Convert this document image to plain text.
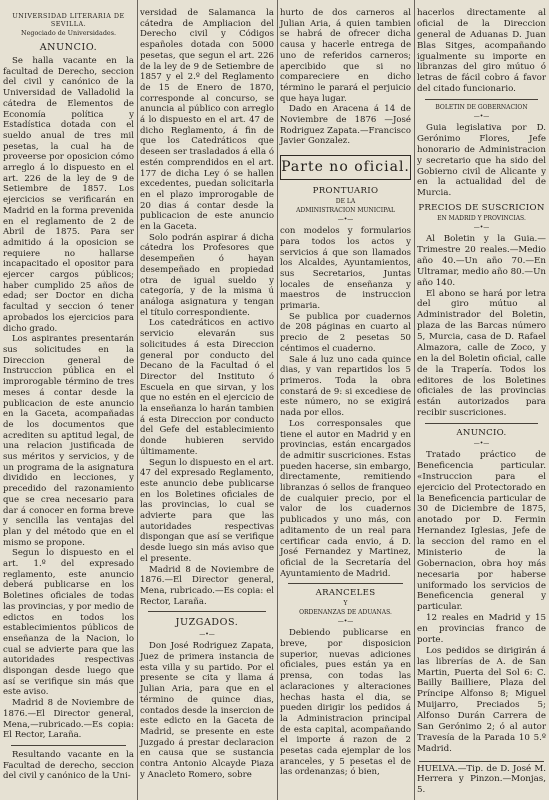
UNIVERSIDAD LITERARIA DE SEVILLA.
Negociado de Universidades.
ANUNCIO.

Se halla vacante en la facultad de Derecho, seccion del civil y canónico de la Universidad de Valladolid la cátedra de Elementos de Economía política y Estadística dotada con el sueldo anual de tres mil pesetas, la cual ha de proveerse por oposicion cómo arreglo á lo dispuesto en el art. 226 de la ley de 9 de Setiembre de 1857. Los ejercicios se verificarán en Madrid en la forma prevenida en el reglamento de 2 de Abril de 1875. Para ser admitido á la oposicion se requiere no hallarse incapacitado el opositor para ejercer cargos públicos; haber cumplido 25 años de edad; ser Doctor en dicha facultad y seccion ó tener aprobados los ejercicios para dicho grado.

Los aspirantes presentarán sus solicitudes en la Direccion general de Instruccion pública en el improrogable término de tres meses á contar desde la publicacion de este anuncio en la Gaceta, acompañadas de los documentos que acrediten su aptitud legal, de una relacion justificada de sus méritos y servicios, y de un programa de la asignatura dividido en lecciones, y precedido del razonamiento que se crea necesario para dar á conocer en forma breve y sencilla las ventajas del plan y del método que en el mismo se propone.

Segun lo dispuesto en el art. 1.º del expresado reglamento, este anuncio deberá publicarse en los Boletines oficiales de todas las provincias, y por medio de edictos en todos los establecimientos públicos de enseñanza de la Nacion, lo cual se advierte para que las autoridades respectivas dispongan desde luego que así se verifique sin más que este aviso.

Madrid 8 de Noviembre de 1876.—El Director general, Mena,—rubricado.—Es copia: El Rector, Laraña.

Resultando vacante en la Facultad de derecho, seccion del civil y canónico de la Uni-

versidad de Salamanca la cátedra de Ampliacion del Derecho civil y Códigos españoles dotada con 5000 pesetas, que segun el art. 226 de la ley de 9 de Setiembre de 1857 y el 2.º del Reglamento de 15 de Enero de 1870, corresponde al concurso, se anuncia al público con arreglo á lo dispuesto en el art. 47 de dicho Reglamento, á fin de que los Catedráticos que deseen ser trasladados á ella ó estén comprendidos en el art. 177 de dicha Ley ó se hallen excedentes, puedan solicitarla en el plazo improrogable de 20 dias á contar desde la publicacion de este anuncio en la Gaceta.

Solo podrán aspirar á dicha cátedra los Profesores que desempeñen ó hayan desempeñado en propiedad otra de igual sueldo y categoría, y de la misma ú análoga asignatura y tengan el título correspondiente.

Los catedráticos en activo servicio elevarán sus solicitudes á esta Direccion general por conducto del Decano de la Facultad ó el Director del Instituto ó Escuela en que sirvan, y los que no estén en el ejercicio de la enseñanza lo harán tambien á esta Direccion por conducto del Gefe del establecimiento donde hubieren servido últimamente.

Segun lo dispuesto en el art. 47 del expresado Reglamento, este anuncio debe publicarse en los Boletines oficiales de las provincias, lo cual se advierte para que las autoridades respectivas dispongan que así se verifique desde luego sin más aviso que el presente.

Madrid 8 de Noviembre de 1876.—El Director general, Mena, rubricado.—Es copia: el Rector, Laraña.

JUZGADOS.
—•—

Don José Rodriguez Zapata, Juez de primera instancia de esta villa y su partido. Por el presente se cita y llama á Julian Aria, para que en el término de quince dias, contados desde la insercion de este edicto en la Gaceta de Madrid, se presente en este Juzgado á prestar declaracion en causa que se sustancia contra Antonio Alcayde Piaza y Anacleto Romero, sobre

hurto de dos carneros al Julian Aria, á quien tambien se habrá de ofrecer dicha causa y hacerle entrega de uno de referidos carneros; apercibido que si no compareciere en dicho término le parará el perjuicio que haya lugar.

Dado en Aracena á 14 de Noviembre de 1876 —José Rodriguez Zapata.—Francisco Javier Gonzalez.

Parte no oficial.
PRONTUARIO
DE LA
ADMINISTRACION MUNICIPAL
—•—

con modelos y formularios para todos los actos y servicios á que son llamados los Alcaldes, Ayuntamientos, sus Secretarios, Juntas locales de enseñanza y maestros de instruccion primaria.

Se publica por cuadernos de 208 páginas en cuarto al precio de 2 pesetas 50 céntimos el cuaderno.

Sale á luz uno cada quince dias, y van repartidos los 5 primeros. Toda la obra constará de 9: si excediese de este número, no se exigirá nada por ellos.

Los corresponsales que tiene el autor en Madrid y en provincias, están encargados de admitir suscriciones. Estas pueden hacerse, sin embargo, directamente, remitiendo libranzas ó sellos de franqueo de cualquier precio, por el valor de los cuadernos publicados y uno más, con aditamento de un real para certificar cada envio, á D. José Fernandez y Martinez, oficial de la Secretaría del Ayuntamiento de Madrid.

ARANCELES
Y
ORDENANZAS DE ADUANAS.
—•—

Debiendo publicarse en breve, por disposicion superior, nuevas adiciones oficiales, pues están ya en prensa, con todas las aclaraciones y alteraciones hechas hasta el dia, se pueden dirigir los pedidos á la Administracion principal de esta capital, acompañando el importe á razon de 2 pesetas cada ejemplar de los aranceles, y 5 pesetas el de las ordenanzas; ó bien,

hacerlos directamente al oficial de la Direccion general de Aduanas D. Juan Blas Sitges, acompañando igualmente su importe en libranzas del giro mútuo ó letras de fácil cobro á favor del citado funcionario.

BOLETIN DE GOBERNACION
—•—

Guia legislativa por D. Gerónimo Flores, Jefe honorario de Administracion y secretario que ha sido del Gobierno civil de Alicante y en la actualidad del de Murcia.

PRECIOS DE SUSCRICION
EN MADRID Y PROVINCIAS.
—•—

Al Boletin y la Guia.—Trimestre 20 reales.—Medio año 40.—Un año 70.—En Ultramar, medio año 80.—Un año 140.

El abono se hará por letra del giro mútuo al Administrador del Boletin, plaza de las Barcas número 5, Murcia, casa de D. Rafael Almazora, calle de Zoco, y en la del Boletin oficial, calle de la Trapería. Todos los editores de los Boletines oficiales de las provincias están autorizados para recibir suscriciones.

ANUNCIO.
—•—

Tratado práctico de Beneficencia particular. «Instruccion para el ejercicio del Protectorado en la Beneficencia particular de 30 de Diciembre de 1875, anotado por D. Fermin Hernandez Iglesias, Jefe de la seccion del ramo en el Ministerio de la Gobernacion, obra hoy más necesaria por haberse uniformado los servicios de Beneficencia general y particular.

12 reales en Madrid y 15 en provincias franco de porte.

Los pedidos se dirigirán á las librerías de A. de San Martin, Puerta del Sol 6: C. Bailly Bailliere, Plaza del Príncipe Alfonso 8; Miguel Muijarro, Preciados 5; Alfonso Durán Carrera de San Gerónimo 2; ó al autor Travesía de la Parada 10 5.º Madrid.

HUELVA.—Tip. de D. José M. Herrera y Pinzon.—Monjas, 5.
